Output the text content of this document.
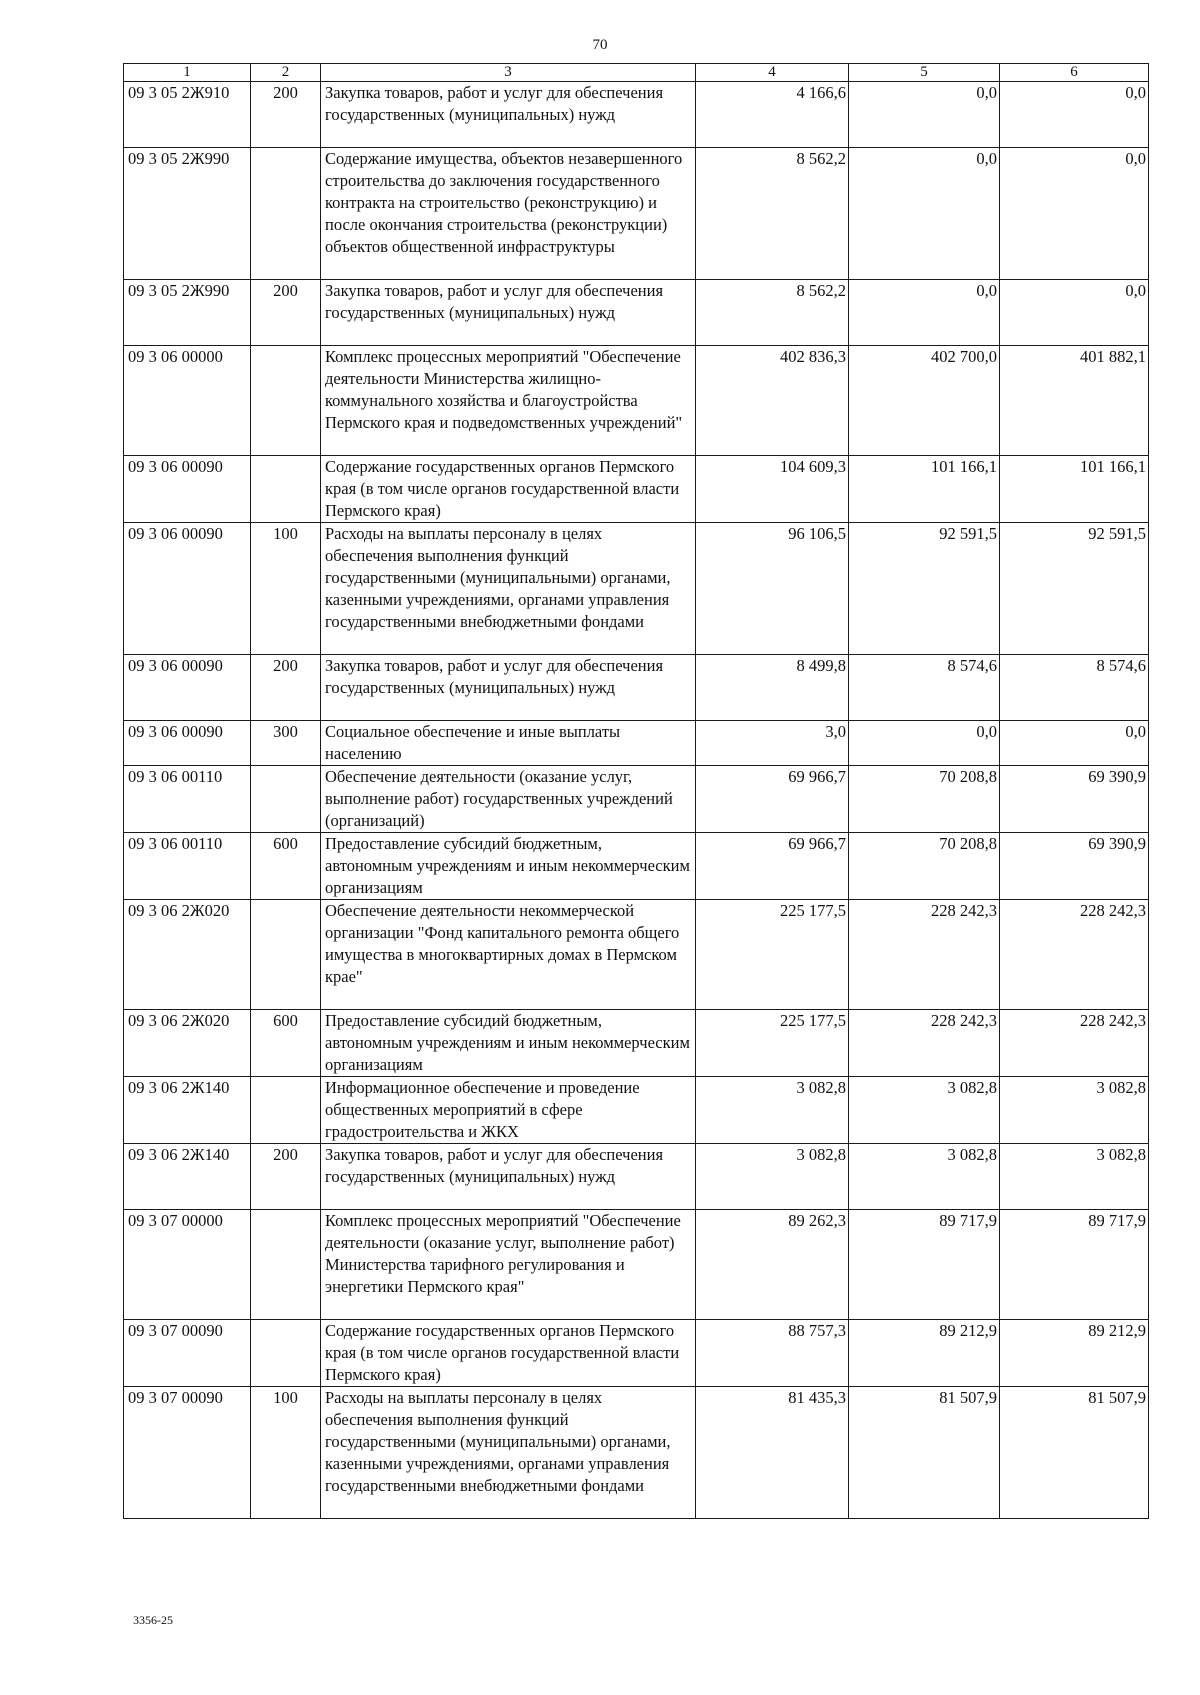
70
1	2	3	4	5	6
09 3 05 2Ж910	200	Закупка товаров, работ и услуг для обеспечения государственных (муниципальных) нужд	4 166,6	0,0	0,0
09 3 05 2Ж990		Содержание имущества, объектов незавершенного строительства до заключения государственного контракта на строительство (реконструкцию) и после окончания строительства (реконструкции) объектов общественной инфраструктуры	8 562,2	0,0	0,0
09 3 05 2Ж990	200	Закупка товаров, работ и услуг для обеспечения государственных (муниципальных) нужд	8 562,2	0,0	0,0
09 3 06 00000		Комплекс процессных мероприятий "Обеспечение деятельности Министерства жилищно-коммунального хозяйства и благоустройства Пермского края и подведомственных учреждений"	402 836,3	402 700,0	401 882,1
09 3 06 00090		Содержание государственных органов Пермского края (в том числе органов государственной власти Пермского края)	104 609,3	101 166,1	101 166,1
09 3 06 00090	100	Расходы на выплаты персоналу в целях обеспечения выполнения функций государственными (муниципальными) органами, казенными учреждениями, органами управления государственными внебюджетными фондами	96 106,5	92 591,5	92 591,5
09 3 06 00090	200	Закупка товаров, работ и услуг для обеспечения государственных (муниципальных) нужд	8 499,8	8 574,6	8 574,6
09 3 06 00090	300	Социальное обеспечение и иные выплаты населению	3,0	0,0	0,0
09 3 06 00110		Обеспечение деятельности (оказание услуг, выполнение работ) государственных учреждений (организаций)	69 966,7	70 208,8	69 390,9
09 3 06 00110	600	Предоставление субсидий бюджетным, автономным учреждениям и иным некоммерческим организациям	69 966,7	70 208,8	69 390,9
09 3 06 2Ж020		Обеспечение деятельности некоммерческой организации "Фонд капитального ремонта общего имущества в многоквартирных домах в Пермском крае"	225 177,5	228 242,3	228 242,3
09 3 06 2Ж020	600	Предоставление субсидий бюджетным, автономным учреждениям и иным некоммерческим организациям	225 177,5	228 242,3	228 242,3
09 3 06 2Ж140		Информационное обеспечение и проведение общественных мероприятий в сфере градостроительства и ЖКХ	3 082,8	3 082,8	3 082,8
09 3 06 2Ж140	200	Закупка товаров, работ и услуг для обеспечения государственных (муниципальных) нужд	3 082,8	3 082,8	3 082,8
09 3 07 00000		Комплекс процессных мероприятий "Обеспечение деятельности (оказание услуг, выполнение работ) Министерства тарифного регулирования и энергетики Пермского края"	89 262,3	89 717,9	89 717,9
09 3 07 00090		Содержание государственных органов Пермского края (в том числе органов государственной власти Пермского края)	88 757,3	89 212,9	89 212,9
09 3 07 00090	100	Расходы на выплаты персоналу в целях обеспечения выполнения функций государственными (муниципальными) органами, казенными учреждениями, органами управления государственными внебюджетными фондами	81 435,3	81 507,9	81 507,9
3356-25
